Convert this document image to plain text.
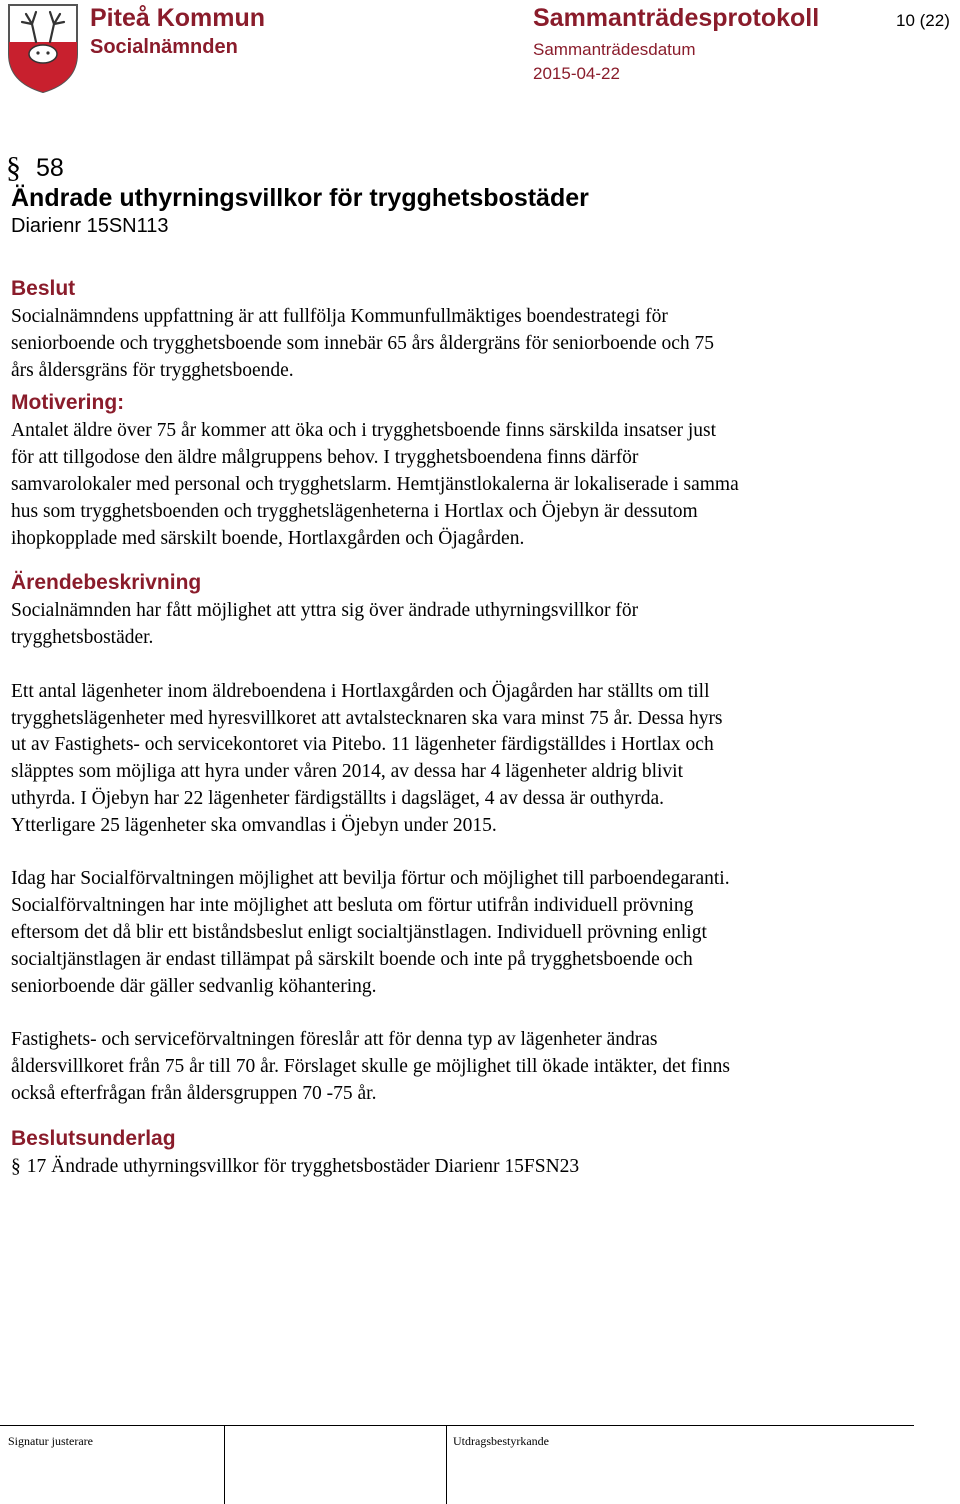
Piteå Kommun
Socialnämnden
Sammanträdesprotokoll
Sammanträdesdatum
2015-04-22
10 (22)
§ 58
Ändrade uthyrningsvillkor för trygghetsbostäder
Diarienr 15SN113
Beslut
Socialnämndens uppfattning är att fullfölja Kommunfullmäktiges boendestrategi för
seniorboende och trygghetsboende som innebär 65 års åldergräns för seniorboende och 75
års åldersgräns för trygghetsboende.
Motivering:
Antalet äldre över 75 år kommer att öka och i trygghetsboende finns särskilda insatser just
för att tillgodose den äldre målgruppens behov. I trygghetsboendena finns därför
samvarolokaler med personal och trygghetslarm. Hemtjänstlokalerna är lokaliserade i samma
hus som trygghetsboenden och trygghetslägenheterna i Hortlax och Öjebyn är dessutom
ihopkopplade med särskilt boende, Hortlaxgården och Öjagården.
Ärendebeskrivning
Socialnämnden har fått möjlighet att yttra sig över ändrade uthyrningsvillkor för
trygghetsbostäder.
Ett antal lägenheter inom äldreboendena i Hortlaxgården och Öjagården har ställts om till
trygghetslägenheter med hyresvillkoret att avtalstecknaren ska vara minst 75 år. Dessa hyrs
ut av Fastighets- och servicekontoret via Pitebo. 11 lägenheter färdigställdes i Hortlax och
släpptes som möjliga att hyra under våren 2014, av dessa har 4 lägenheter aldrig blivit
uthyrda. I Öjebyn har 22 lägenheter färdigställts i dagsläget, 4 av dessa är outhyrda.
Ytterligare 25 lägenheter ska omvandlas i Öjebyn under 2015.
Idag har Socialförvaltningen möjlighet att bevilja förtur och möjlighet till parboendegaranti.
Socialförvaltningen har inte möjlighet att besluta om förtur utifrån individuell prövning
eftersom det då blir ett biståndsbeslut enligt socialtjänstlagen. Individuell prövning enligt
socialtjänstlagen är endast tillämpat på särskilt boende och inte på trygghetsboende och
seniorboende där gäller sedvanlig köhantering.
Fastighets- och serviceförvaltningen föreslår att för denna typ av lägenheter ändras
åldersvillkoret från 75 år till 70 år. Förslaget skulle ge möjlighet till ökade intäkter, det finns
också efterfrågan från åldersgruppen 70 -75 år.
Beslutsunderlag
§ 17 Ändrade uthyrningsvillkor för trygghetsbostäder Diarienr 15FSN23
Signatur justerare	Utdragsbestyrkande
